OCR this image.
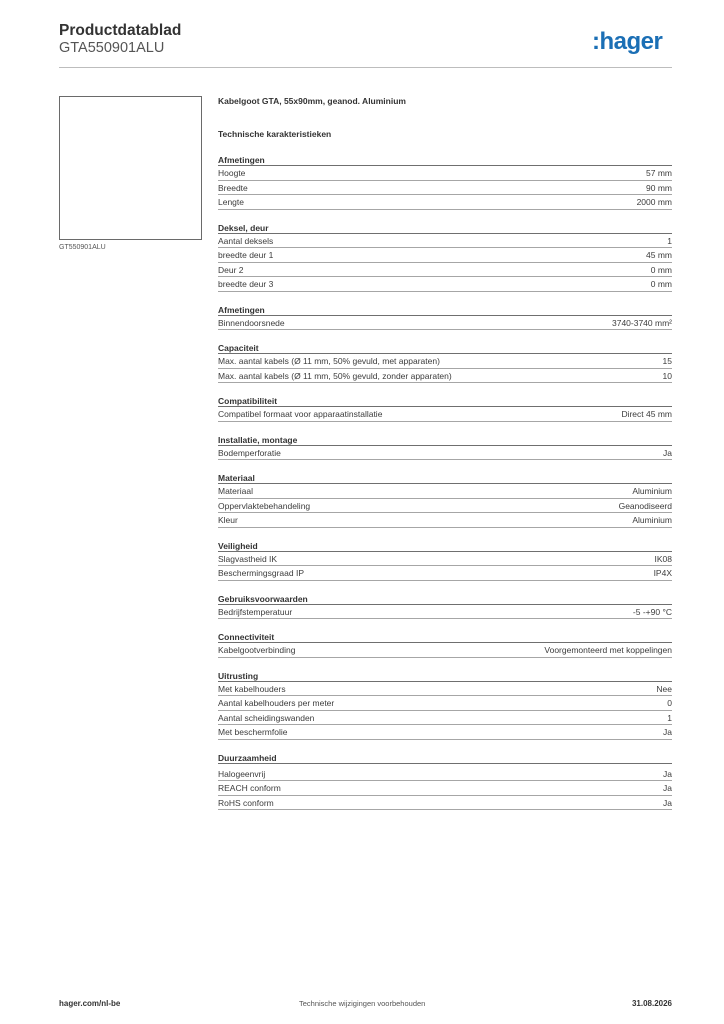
Productdatablad
GTA550901ALU	:hager
GT550901ALU
Kabelgoot GTA, 55x90mm, geanod. Aluminium
Technische karakteristieken
Afmetingen
Hoogte	57 mm
Breedte	90 mm
Lengte	2000 mm
Deksel, deur
Aantal deksels	1
breedte deur 1	45 mm
Deur 2	0 mm
breedte deur 3	0 mm
Afmetingen
Binnendoorsnede	3740-3740 mm²
Capaciteit
Max. aantal kabels (Ø 11 mm, 50% gevuld, met apparaten)	15
Max. aantal kabels (Ø 11 mm, 50% gevuld, zonder apparaten)	10
Compatibiliteit
Compatibel formaat voor apparaatinstallatie	Direct 45 mm
Installatie, montage
Bodemperforatie	Ja
Materiaal
Materiaal	Aluminium
Oppervlaktebehandeling	Geanodiseerd
Kleur	Aluminium
Veiligheid
Slagvastheid IK	IK08
Beschermingsgraad IP	IP4X
Gebruiksvoorwaarden
Bedrijfstemperatuur	-5 -+90 °C
Connectiviteit
Kabelgootverbinding	Voorgemonteerd met koppelingen
Uitrusting
Met kabelhouders	Nee
Aantal kabelhouders per meter	0
Aantal scheidingswanden	1
Met beschermfolie	Ja
Duurzaamheid
Halogeenvrij	Ja
REACH conform	Ja
RoHS conform	Ja
hager.com/nl-be	Technische wijzigingen voorbehouden	31.08.2026
